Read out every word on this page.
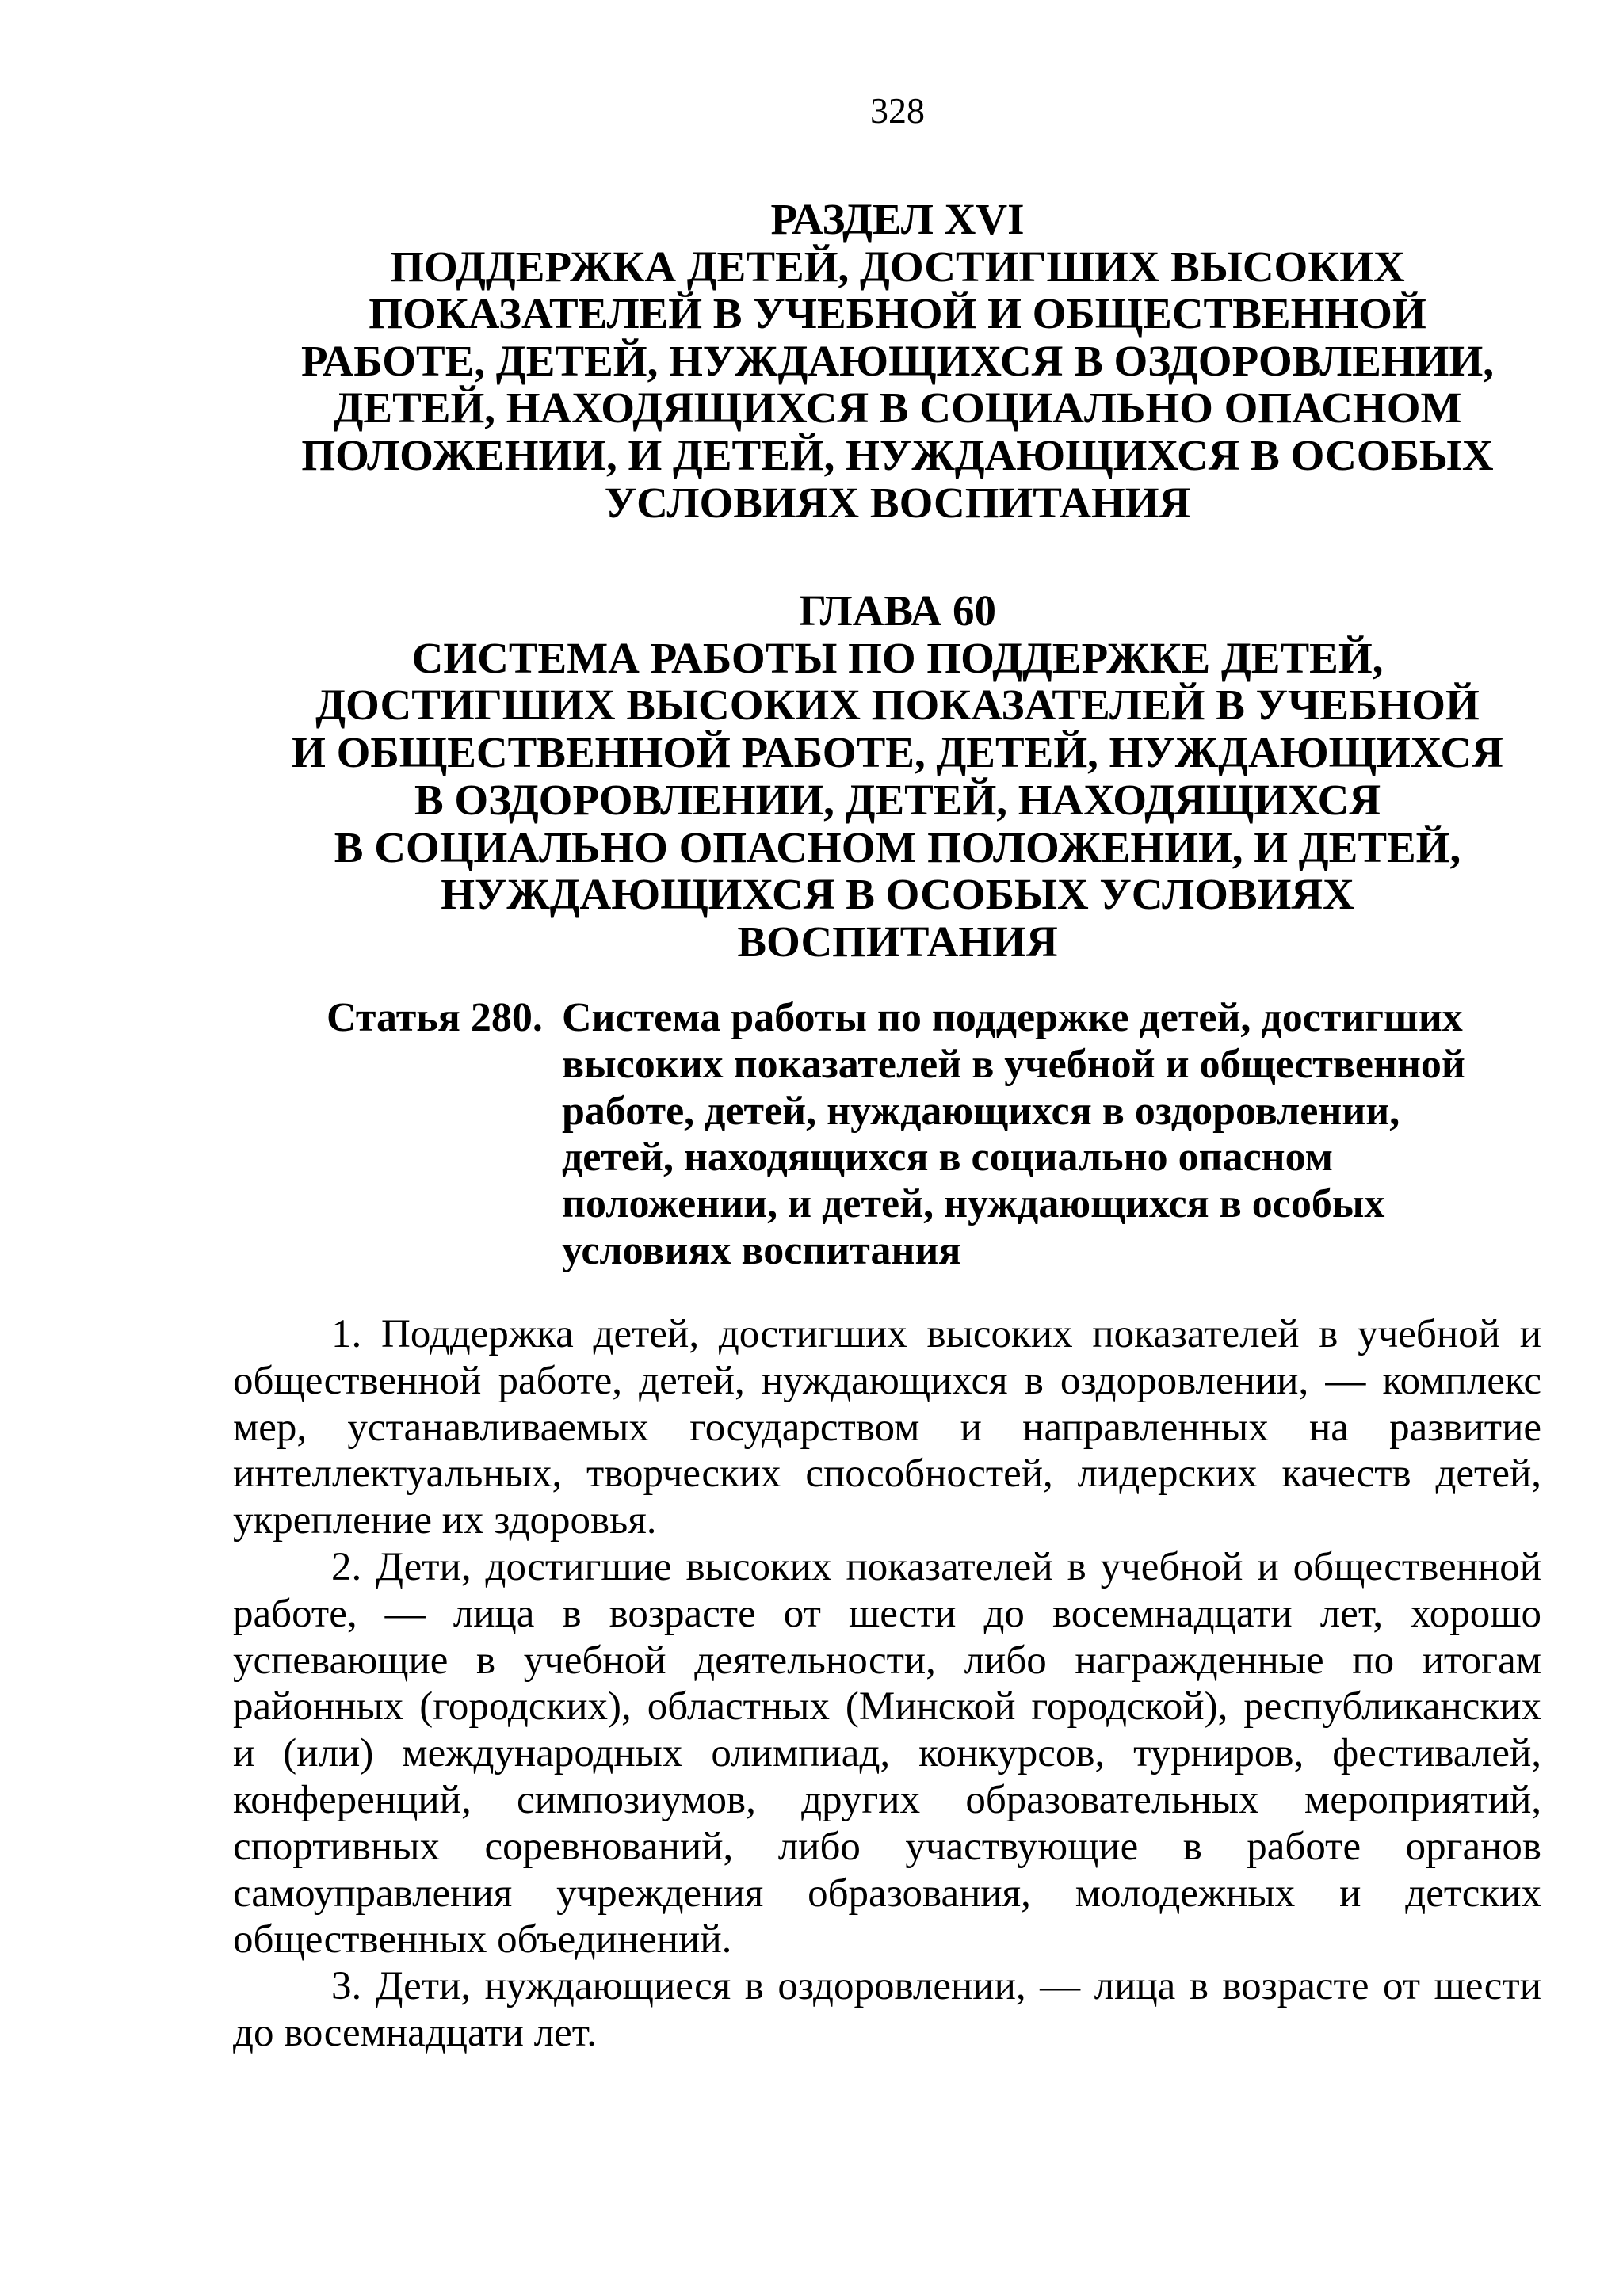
328
РАЗДЕЛ XVI
ПОДДЕРЖКА ДЕТЕЙ, ДОСТИГШИХ ВЫСОКИХ
ПОКАЗАТЕЛЕЙ В УЧЕБНОЙ И ОБЩЕСТВЕННОЙ
РАБОТЕ, ДЕТЕЙ, НУЖДАЮЩИХСЯ В ОЗДОРОВЛЕНИИ,
ДЕТЕЙ, НАХОДЯЩИХСЯ В СОЦИАЛЬНО ОПАСНОМ
ПОЛОЖЕНИИ, И ДЕТЕЙ, НУЖДАЮЩИХСЯ В ОСОБЫХ
УСЛОВИЯХ ВОСПИТАНИЯ
ГЛАВА 60
СИСТЕМА РАБОТЫ ПО ПОДДЕРЖКЕ ДЕТЕЙ,
ДОСТИГШИХ ВЫСОКИХ ПОКАЗАТЕЛЕЙ В УЧЕБНОЙ
И ОБЩЕСТВЕННОЙ РАБОТЕ, ДЕТЕЙ, НУЖДАЮЩИХСЯ
В ОЗДОРОВЛЕНИИ, ДЕТЕЙ, НАХОДЯЩИХСЯ
В СОЦИАЛЬНО ОПАСНОМ ПОЛОЖЕНИИ, И ДЕТЕЙ,
НУЖДАЮЩИХСЯ В ОСОБЫХ УСЛОВИЯХ
ВОСПИТАНИЯ
Статья 280. Система работы по поддержке детей, достигших
высоких показателей в учебной и общественной
работе, детей, нуждающихся в оздоровлении,
детей, находящихся в социально опасном
положении, и детей, нуждающихся в особых
условиях воспитания

1. Поддержка детей, достигших высоких показателей в учебной и общественной работе, детей, нуждающихся в оздоровлении, — комплекс мер, устанавливаемых государством и направленных на развитие интеллектуальных, творческих способностей, лидерских качеств детей, укрепление их здоровья.

2. Дети, достигшие высоких показателей в учебной и общественной работе, — лица в возрасте от шести до восемнадцати лет, хорошо успевающие в учебной деятельности, либо награжденные по итогам районных (городских), областных (Минской городской), республиканских и (или) международных олимпиад, конкурсов, турниров, фестивалей, конференций, симпозиумов, других образовательных мероприятий, спортивных соревнований, либо участвующие в работе органов самоуправления учреждения образования, молодежных и детских общественных объединений.

3. Дети, нуждающиеся в оздоровлении, — лица в возрасте от шести до восемнадцати лет.
